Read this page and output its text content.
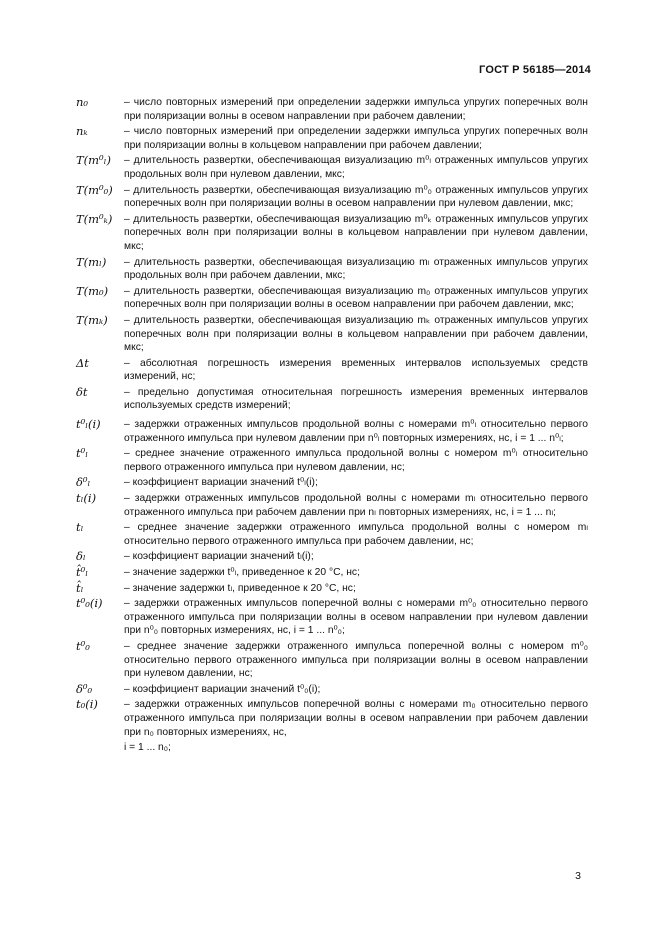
ГОСТ Р 56185—2014
n₀	– число повторных измерений при определении задержки импульса упругих поперечных волн при поляризации волны в осевом направлении при рабочем давлении;
nₖ	– число повторных измерений при определении задержки импульса упругих поперечных волн при поляризации волны в кольцевом направлении при рабочем давлении;
T(m⁰ₗ)	– длительность развертки, обеспечивающая визуализацию m⁰ₗ отраженных импульсов упругих продольных волн при нулевом давлении, мкс;
T(m⁰₀)	– длительность развертки, обеспечивающая визуализацию m⁰₀ отраженных импульсов упругих поперечных волн при поляризации волны в осевом направлении при нулевом давлении, мкс;
T(m⁰ₖ)	– длительность развертки, обеспечивающая визуализацию m⁰ₖ отраженных импульсов упругих поперечных волн при поляризации волны в кольцевом направлении при нулевом давлении, мкс;
T(mₗ)	– длительность развертки, обеспечивающая визуализацию mₗ отраженных импульсов упругих продольных волн при рабочем давлении, мкс;
T(m₀)	– длительность развертки, обеспечивающая визуализацию m₀ отраженных импульсов упругих поперечных волн при поляризации волны в осевом направлении при рабочем давлении, мкс;
T(mₖ)	– длительность развертки, обеспечивающая визуализацию mₖ отраженных импульсов упругих поперечных волн при поляризации волны в кольцевом направлении при рабочем давлении, мкс;
Δt	– абсолютная погрешность измерения временных интервалов используемых средств измерений, нс;
δt	– предельно допустимая относительная погрешность измерения временных интервалов используемых средств измерений;
t⁰ₗ(i)	– задержки отраженных импульсов продольной волны с номерами m⁰ₗ относительно первого отраженного импульса при нулевом давлении при n⁰ₗ повторных измерениях, нс, i = 1 ... n⁰ₗ;
t⁰ₗ	– среднее значение отраженного импульса продольной волны с номером m⁰ₗ относительно первого отраженного импульса при нулевом давлении, нс;
δ⁰ₗ	– коэффициент вариации значений t⁰ₗ(i);
tₗ(i)	– задержки отраженных импульсов продольной волны с номерами mₗ относительно первого отраженного импульса при рабочем давлении при nₗ повторных измерениях, нс, i = 1 ... nₗ;
tₗ	– среднее значение задержки отраженного импульса продольной волны с номером mₗ относительно первого отраженного импульса при рабочем давлении, нс;
δₗ	– коэффициент вариации значений tₗ(i);
t̂⁰ₗ	– значение задержки t⁰ₗ, приведенное к 20 °С, нс;
t̂ₗ	– значение задержки tₗ, приведенное к 20 °С, нс;
t⁰₀(i)	– задержки отраженных импульсов поперечной волны с номерами m⁰₀ относительно первого отраженного импульса при поляризации волны в осевом направлении при нулевом давлении при n⁰₀ повторных измерениях, нс, i = 1 ... n⁰₀;
t⁰₀	– среднее значение задержки отраженного импульса поперечной волны с номером m⁰₀ относительно первого отраженного импульса при поляризации волны в осевом направлении при нулевом давлении, нс;
δ⁰₀	– коэффициент вариации значений t⁰₀(i);
t₀(i)	– задержки отраженных импульсов поперечной волны с номерами m₀ относительно первого отраженного импульса при поляризации волны в осевом направлении при рабочем давлении при n₀ повторных измерениях, нс,
i = 1 ... n₀;
3
